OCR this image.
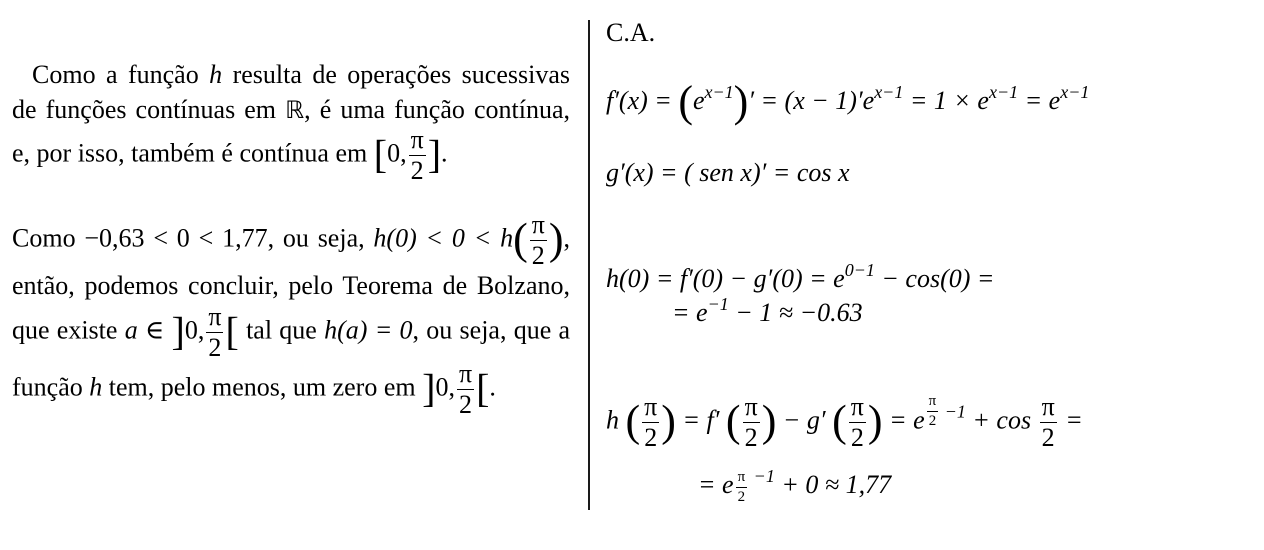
Como a função h resulta de operações sucessivas de funções contínuas em ℝ, é uma função contínua, e, por isso, também é contínua em [0, $\frac{\pi}{2}$ ].

Como −0,63 < 0 < 1,77, ou seja, $h(0) < 0 < h( \frac{\pi}{2}$ ), então, podemos concluir, pelo Teorema de Bolzano, que existe a ∈ ]0, $\frac{\pi}{2}$ [ tal que h(a) = 0, ou seja, que a função h tem, pelo menos, um zero em ]0, $\frac{\pi}{2}$ [.

C.A.
$f'(x) = (e^{x-1})' = (x - 1)'e^{x-1} = 1 \times e^{x-1} = e^{x-1}$
g′(x) = ( sen x)′ = cos x
$h(0) = f'(0) - g'(0) = e^{0-1} - \cos(0)$ =
= $e^{-1} - 1 \approx -0.63$
h ( $\frac{\pi}{2}$ ) = f′ ( $\frac{\pi}{2}$ ) − g′ ( $\frac{\pi}{2}$ ) = e $\frac{\pi}{2} ^{-1} + \cos \frac{\pi}{2}$ =
= e $\frac{\pi}{2} ^{-1} + 0 \approx 1,77$
